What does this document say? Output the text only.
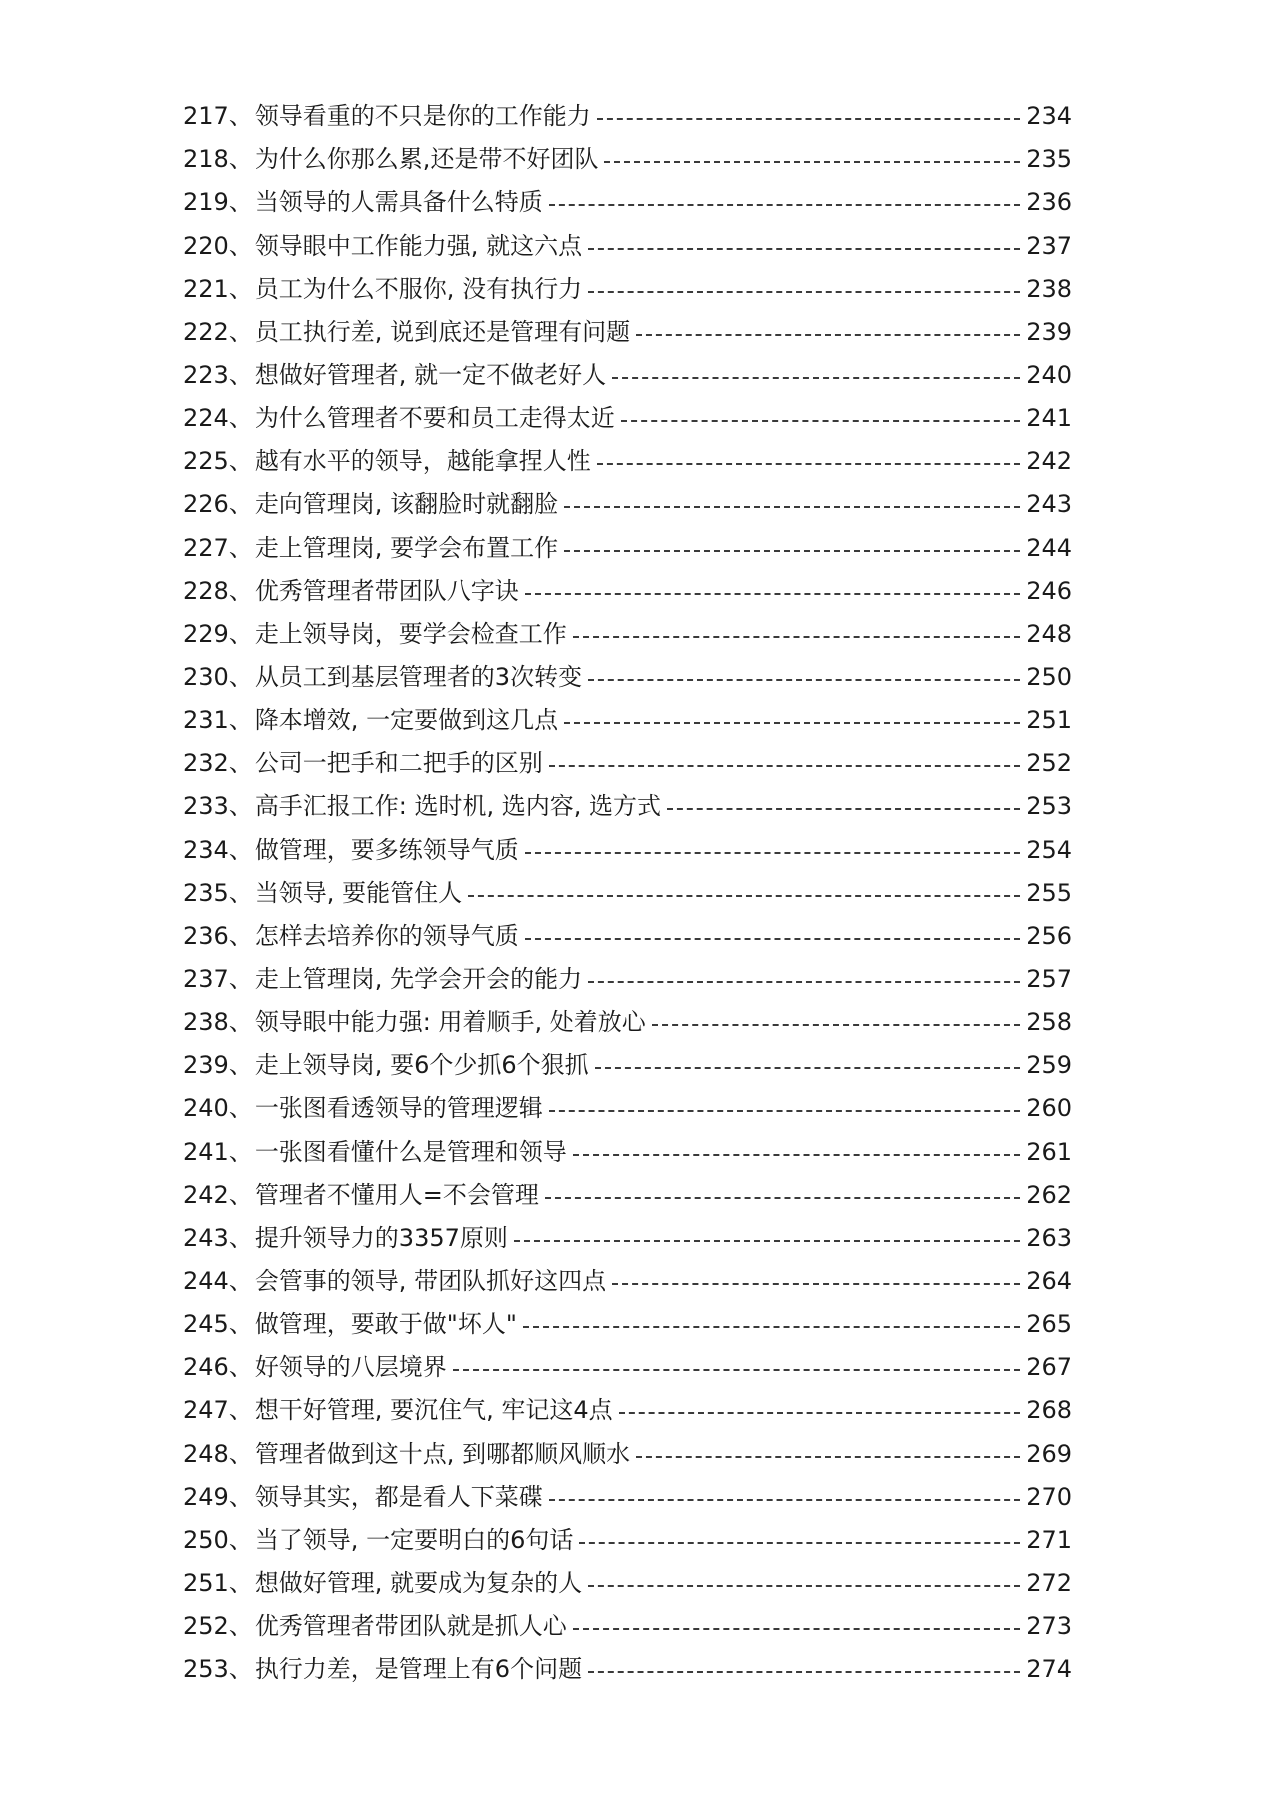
217 、 领导看重的不只是你的工作能力	234
218 、 为什么你那么累,还是带不好团队	235
219 、 当领导的人需具备什么特质	236
220 、 领导眼中工作能力强, 就这六点	237
221 、 员工为什么不服你, 没有执行力	238
222 、 员工执行差, 说到底还是管理有问题	239
223 、 想做好管理者, 就一定不做老好人	240
224 、 为什么管理者不要和员工走得太近	241
225 、 越有水平的领导，越能拿捏人性	242
226 、 走向管理岗, 该翻脸时就翻脸	243
227 、 走上管理岗, 要学会布置工作	244
228 、 优秀管理者带团队八字诀	246
229 、 走上领导岗，要学会检查工作	248
230 、 从员工到基层管理者的3次转变	250
231 、 降本增效, 一定要做到这几点	251
232 、 公司一把手和二把手的区别	252
233 、 高手汇报工作: 选时机, 选内容, 选方式	253
234 、 做管理，要多练领导气质	254
235 、 当领导, 要能管住人	255
236 、 怎样去培养你的领导气质	256
237 、 走上管理岗, 先学会开会的能力	257
238 、 领导眼中能力强: 用着顺手, 处着放心	258
239 、 走上领导岗, 要6个少抓6个狠抓	259
240 、 一张图看透领导的管理逻辑	260
241 、 一张图看懂什么是管理和领导	261
242 、 管理者不懂用人=不会管理	262
243 、 提升领导力的3357原则	263
244 、 会管事的领导, 带团队抓好这四点	264
245 、 做管理，要敢于做"坏人"	265
246 、 好领导的八层境界	267
247 、 想干好管理, 要沉住气, 牢记这4点	268
248 、 管理者做到这十点, 到哪都顺风顺水	269
249 、 领导其实，都是看人下菜碟	270
250 、 当了领导, 一定要明白的6句话	271
251 、 想做好管理, 就要成为复杂的人	272
252 、 优秀管理者带团队就是抓人心	273
253 、 执行力差，是管理上有6个问题	274
